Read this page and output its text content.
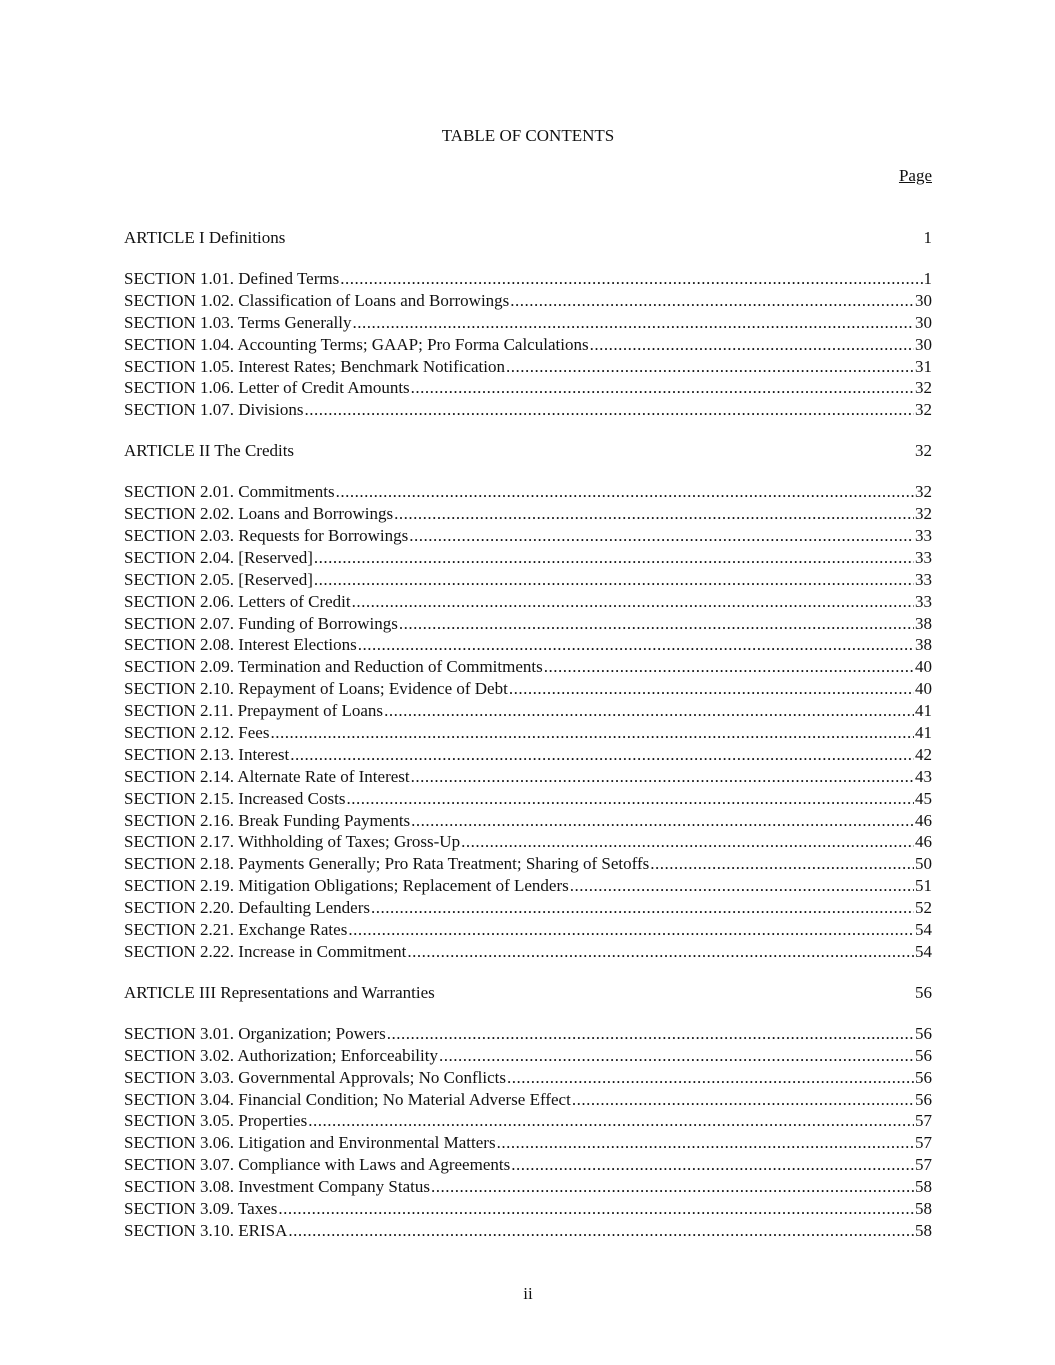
TABLE OF CONTENTS
Page
ARTICLE I Definitions	1
SECTION 1.01. Defined Terms .....	1
SECTION 1.02. Classification of Loans and Borrowings .....	30
SECTION 1.03. Terms Generally .....	30
SECTION 1.04. Accounting Terms; GAAP; Pro Forma Calculations .....	30
SECTION 1.05. Interest Rates; Benchmark Notification .....	31
SECTION 1.06. Letter of Credit Amounts .....	32
SECTION 1.07. Divisions .....	32
ARTICLE II The Credits	32
SECTION 2.01. Commitments .....	32
SECTION 2.02. Loans and Borrowings .....	32
SECTION 2.03. Requests for Borrowings .....	33
SECTION 2.04. [Reserved] .....	33
SECTION 2.05. [Reserved] .....	33
SECTION 2.06. Letters of Credit .....	33
SECTION 2.07. Funding of Borrowings .....	38
SECTION 2.08. Interest Elections .....	38
SECTION 2.09. Termination and Reduction of Commitments .....	40
SECTION 2.10. Repayment of Loans; Evidence of Debt .....	40
SECTION 2.11. Prepayment of Loans .....	41
SECTION 2.12. Fees .....	41
SECTION 2.13. Interest .....	42
SECTION 2.14. Alternate Rate of Interest .....	43
SECTION 2.15. Increased Costs .....	45
SECTION 2.16. Break Funding Payments .....	46
SECTION 2.17. Withholding of Taxes; Gross-Up .....	46
SECTION 2.18. Payments Generally; Pro Rata Treatment; Sharing of Setoffs .....	50
SECTION 2.19. Mitigation Obligations; Replacement of Lenders .....	51
SECTION 2.20. Defaulting Lenders .....	52
SECTION 2.21. Exchange Rates .....	54
SECTION 2.22. Increase in Commitment .....	54
ARTICLE III Representations and Warranties	56
SECTION 3.01. Organization; Powers .....	56
SECTION 3.02. Authorization; Enforceability .....	56
SECTION 3.03. Governmental Approvals; No Conflicts .....	56
SECTION 3.04. Financial Condition; No Material Adverse Effect .....	56
SECTION 3.05. Properties .....	57
SECTION 3.06. Litigation and Environmental Matters .....	57
SECTION 3.07. Compliance with Laws and Agreements .....	57
SECTION 3.08. Investment Company Status .....	58
SECTION 3.09. Taxes .....	58
SECTION 3.10. ERISA .....	58
ii
